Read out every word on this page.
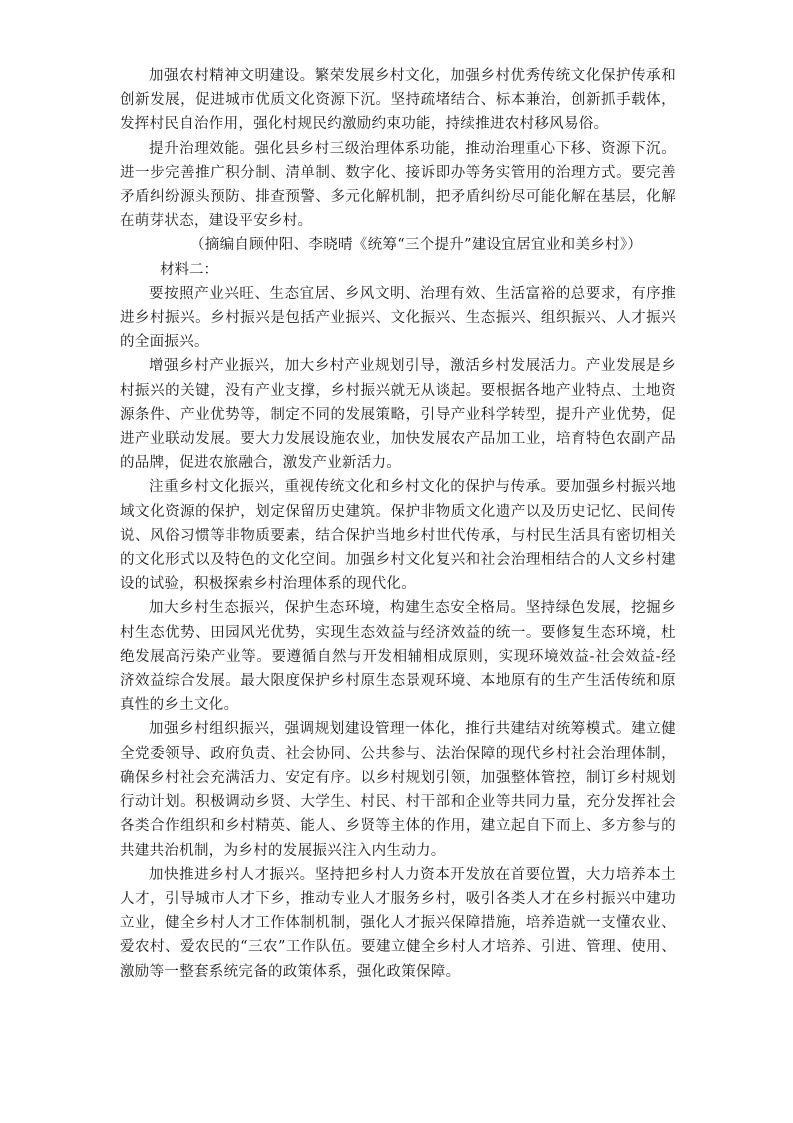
加强农村精神文明建设。繁荣发展乡村文化，加强乡村优秀传统文化保护传承和创新发展，促进城市优质文化资源下沉。坚持疏堵结合、标本兼治，创新抓手载体，发挥村民自治作用，强化村规民约激励约束功能，持续推进农村移风易俗。

提升治理效能。强化县乡村三级治理体系功能，推动治理重心下移、资源下沉。进一步完善推广积分制、清单制、数字化、接诉即办等务实管用的治理方式。要完善矛盾纠纷源头预防、排查预警、多元化解机制，把矛盾纠纷尽可能化解在基层，化解在萌芽状态，建设平安乡村。

（摘编自顾仲阳、李晓晴《统筹“三个提升”建设宜居宜业和美乡村》）

材料二：

要按照产业兴旺、生态宜居、乡风文明、治理有效、生活富裕的总要求，有序推进乡村振兴。乡村振兴是包括产业振兴、文化振兴、生态振兴、组织振兴、人才振兴的全面振兴。

增强乡村产业振兴，加大乡村产业规划引导，激活乡村发展活力。产业发展是乡村振兴的关键，没有产业支撑，乡村振兴就无从谈起。要根据各地产业特点、土地资源条件、产业优势等，制定不同的发展策略，引导产业科学转型，提升产业优势，促进产业联动发展。要大力发展设施农业，加快发展农产品加工业，培育特色农副产品的品牌，促进农旅融合，激发产业新活力。

注重乡村文化振兴，重视传统文化和乡村文化的保护与传承。要加强乡村振兴地域文化资源的保护，划定保留历史建筑。保护非物质文化遗产以及历史记忆、民间传说、风俗习惯等非物质要素，结合保护当地乡村世代传承，与村民生活具有密切相关的文化形式以及特色的文化空间。加强乡村文化复兴和社会治理相结合的人文乡村建设的试验，积极探索乡村治理体系的现代化。

加大乡村生态振兴，保护生态环境，构建生态安全格局。坚持绿色发展，挖掘乡村生态优势、田园风光优势，实现生态效益与经济效益的统一。要修复生态环境，杜绝发展高污染产业等。要遵循自然与开发相辅相成原则，实现环境效益-社会效益-经济效益综合发展。最大限度保护乡村原生态景观环境、本地原有的生产生活传统和原真性的乡土文化。

加强乡村组织振兴，强调规划建设管理一体化，推行共建结对统筹模式。建立健全党委领导、政府负责、社会协同、公共参与、法治保障的现代乡村社会治理体制，确保乡村社会充满活力、安定有序。以乡村规划引领，加强整体管控，制订乡村规划行动计划。积极调动乡贤、大学生、村民、村干部和企业等共同力量，充分发挥社会各类合作组织和乡村精英、能人、乡贤等主体的作用，建立起自下而上、多方参与的共建共治机制，为乡村的发展振兴注入内生动力。

加快推进乡村人才振兴。坚持把乡村人力资本开发放在首要位置，大力培养本土人才，引导城市人才下乡，推动专业人才服务乡村，吸引各类人才在乡村振兴中建功立业，健全乡村人才工作体制机制，强化人才振兴保障措施，培养造就一支懂农业、爱农村、爱农民的“三农”工作队伍。要建立健全乡村人才培养、引进、管理、使用、激励等一整套系统完备的政策体系，强化政策保障。
